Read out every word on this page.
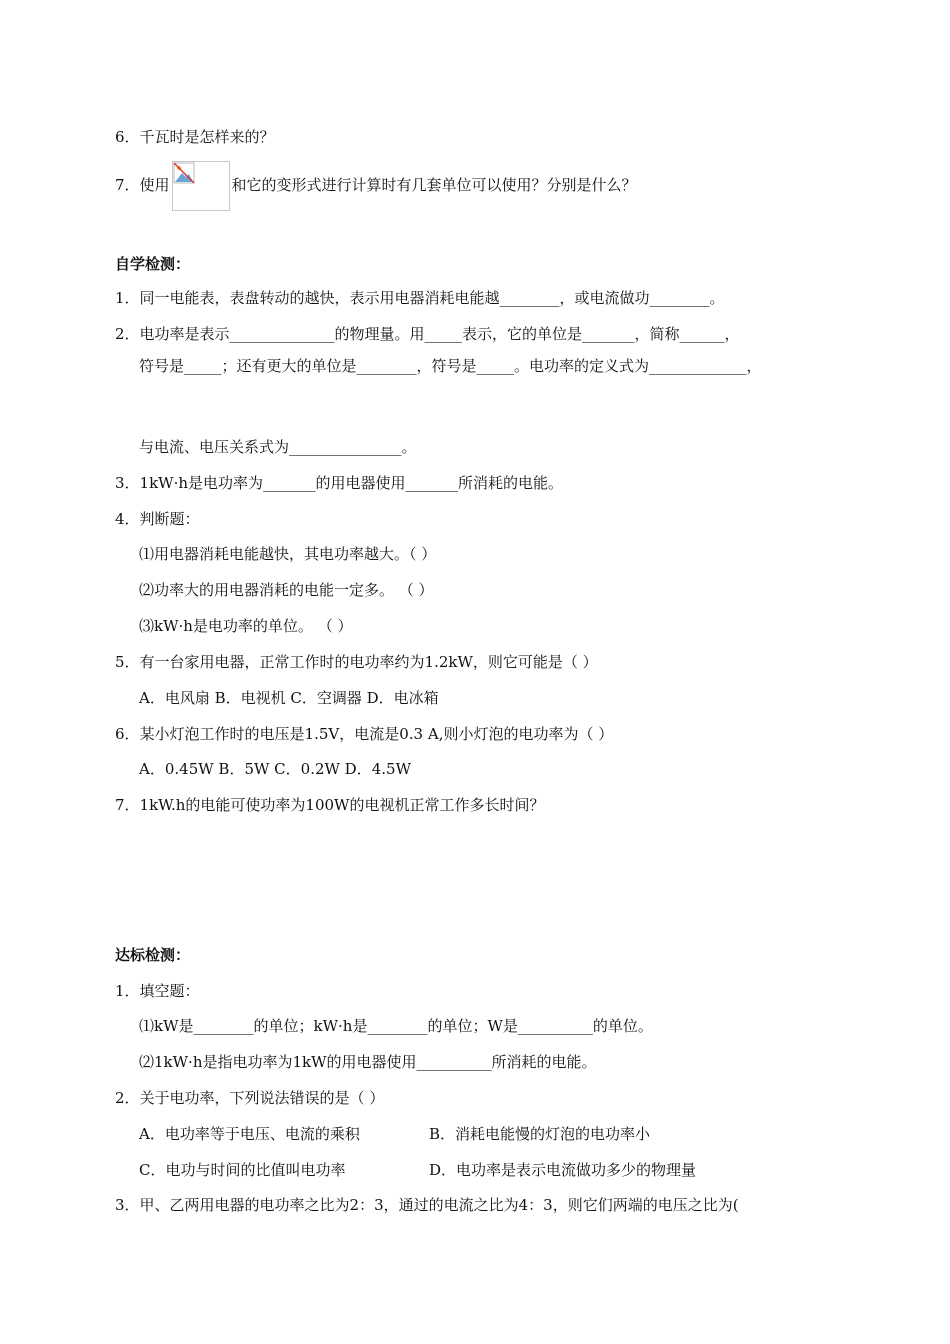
6．千瓦时是怎样来的？
7．使用	和它的变形式进行计算时有几套单位可以使用？分别是什么？
自学检测：
1．同一电能表，表盘转动的越快，表示用电器消耗电能越________，或电流做功________。
2．电功率是表示______________的物理量。用_____表示，它的单位是_______，简称______，
符号是_____；还有更大的单位是________，符号是_____。电功率的定义式为_____________，
与电流、电压关系式为_______________。
3．1kW·h是电功率为_______的用电器使用_______所消耗的电能。
4．判断题：
⑴用电器消耗电能越快，其电功率越大。（ ）
⑵功率大的用电器消耗的电能一定多。 （ ）
⑶kW·h是电功率的单位。 （ ）
5．有一台家用电器，正常工作时的电功率约为1.2kW，则它可能是（ ）
A．电风扇 B．电视机 C．空调器 D．电冰箱
6．某小灯泡工作时的电压是1.5V，电流是0.3 A,则小灯泡的电功率为（ ）
A．0.45W B．5W C．0.2W D．4.5W
7．1kW.h的电能可使功率为100W的电视机正常工作多长时间？
达标检测：
1．填空题：
⑴kW是________的单位；kW·h是________的单位；W是__________的单位。
⑵1kW·h是指电功率为1kW的用电器使用__________所消耗的电能。
2．关于电功率，下列说法错误的是（ ）
A．电功率等于电压、电流的乘积	B．消耗电能慢的灯泡的电功率小
C．电功与时间的比值叫电功率	D．电功率是表示电流做功多少的物理量
3．甲、乙两用电器的电功率之比为2：3，通过的电流之比为4：3，则它们两端的电压之比为(
